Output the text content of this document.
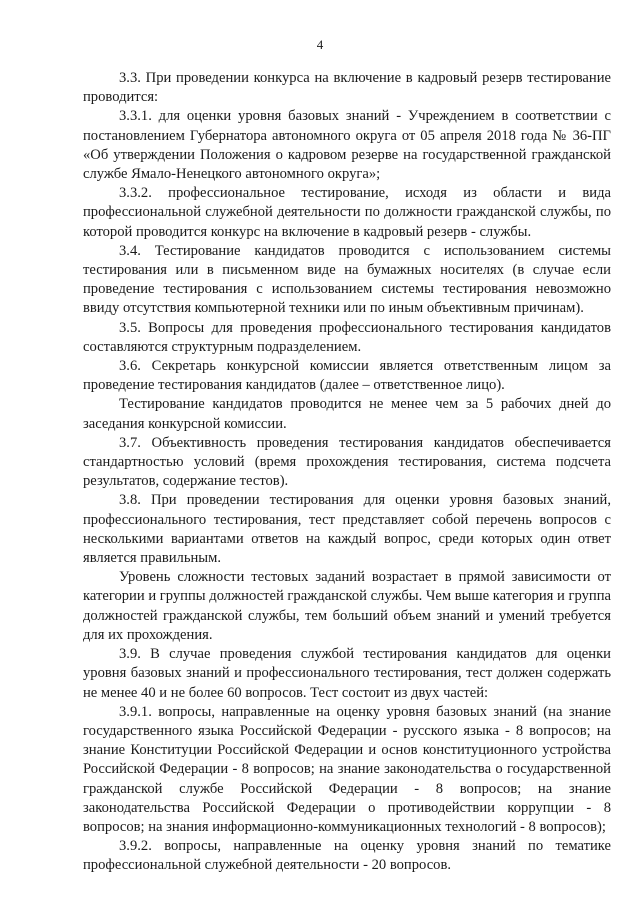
4

3.3. При проведении конкурса на включение в кадровый резерв тестирование проводится:

3.3.1. для оценки уровня базовых знаний - Учреждением в соответствии с постановлением Губернатора автономного округа от 05 апреля 2018 года № 36-ПГ «Об утверждении Положения о кадровом резерве на государственной гражданской службе Ямало-Ненецкого автономного округа»;

3.3.2. профессиональное тестирование, исходя из области и вида профессиональной служебной деятельности по должности гражданской службы, по которой проводится конкурс на включение в кадровый резерв - службы.

3.4. Тестирование кандидатов проводится с использованием системы тестирования или в письменном виде на бумажных носителях (в случае если проведение тестирования с использованием системы тестирования невозможно ввиду отсутствия компьютерной техники или по иным объективным причинам).

3.5. Вопросы для проведения профессионального тестирования кандидатов составляются структурным подразделением.

3.6. Секретарь конкурсной комиссии является ответственным лицом за проведение тестирования кандидатов (далее – ответственное лицо).

Тестирование кандидатов проводится не менее чем за 5 рабочих дней до заседания конкурсной комиссии.

3.7. Объективность проведения тестирования кандидатов обеспечивается стандартностью условий (время прохождения тестирования, система подсчета результатов, содержание тестов).

3.8. При проведении тестирования для оценки уровня базовых знаний, профессионального тестирования, тест представляет собой перечень вопросов с несколькими вариантами ответов на каждый вопрос, среди которых один ответ является правильным.

Уровень сложности тестовых заданий возрастает в прямой зависимости от категории и группы должностей гражданской службы. Чем выше категория и группа должностей гражданской службы, тем больший объем знаний и умений требуется для их прохождения.

3.9. В случае проведения службой тестирования кандидатов для оценки уровня базовых знаний и профессионального тестирования, тест должен содержать не менее 40 и не более 60 вопросов. Тест состоит из двух частей:

3.9.1. вопросы, направленные на оценку уровня базовых знаний (на знание государственного языка Российской Федерации - русского языка - 8 вопросов; на знание Конституции Российской Федерации и основ конституционного устройства Российской Федерации - 8 вопросов; на знание законодательства о государственной гражданской службе Российской Федерации - 8 вопросов; на знание законодательства Российской Федерации о противодействии коррупции - 8 вопросов; на знания информационно-коммуникационных технологий - 8 вопросов);

3.9.2. вопросы, направленные на оценку уровня знаний по тематике профессиональной служебной деятельности - 20 вопросов.
